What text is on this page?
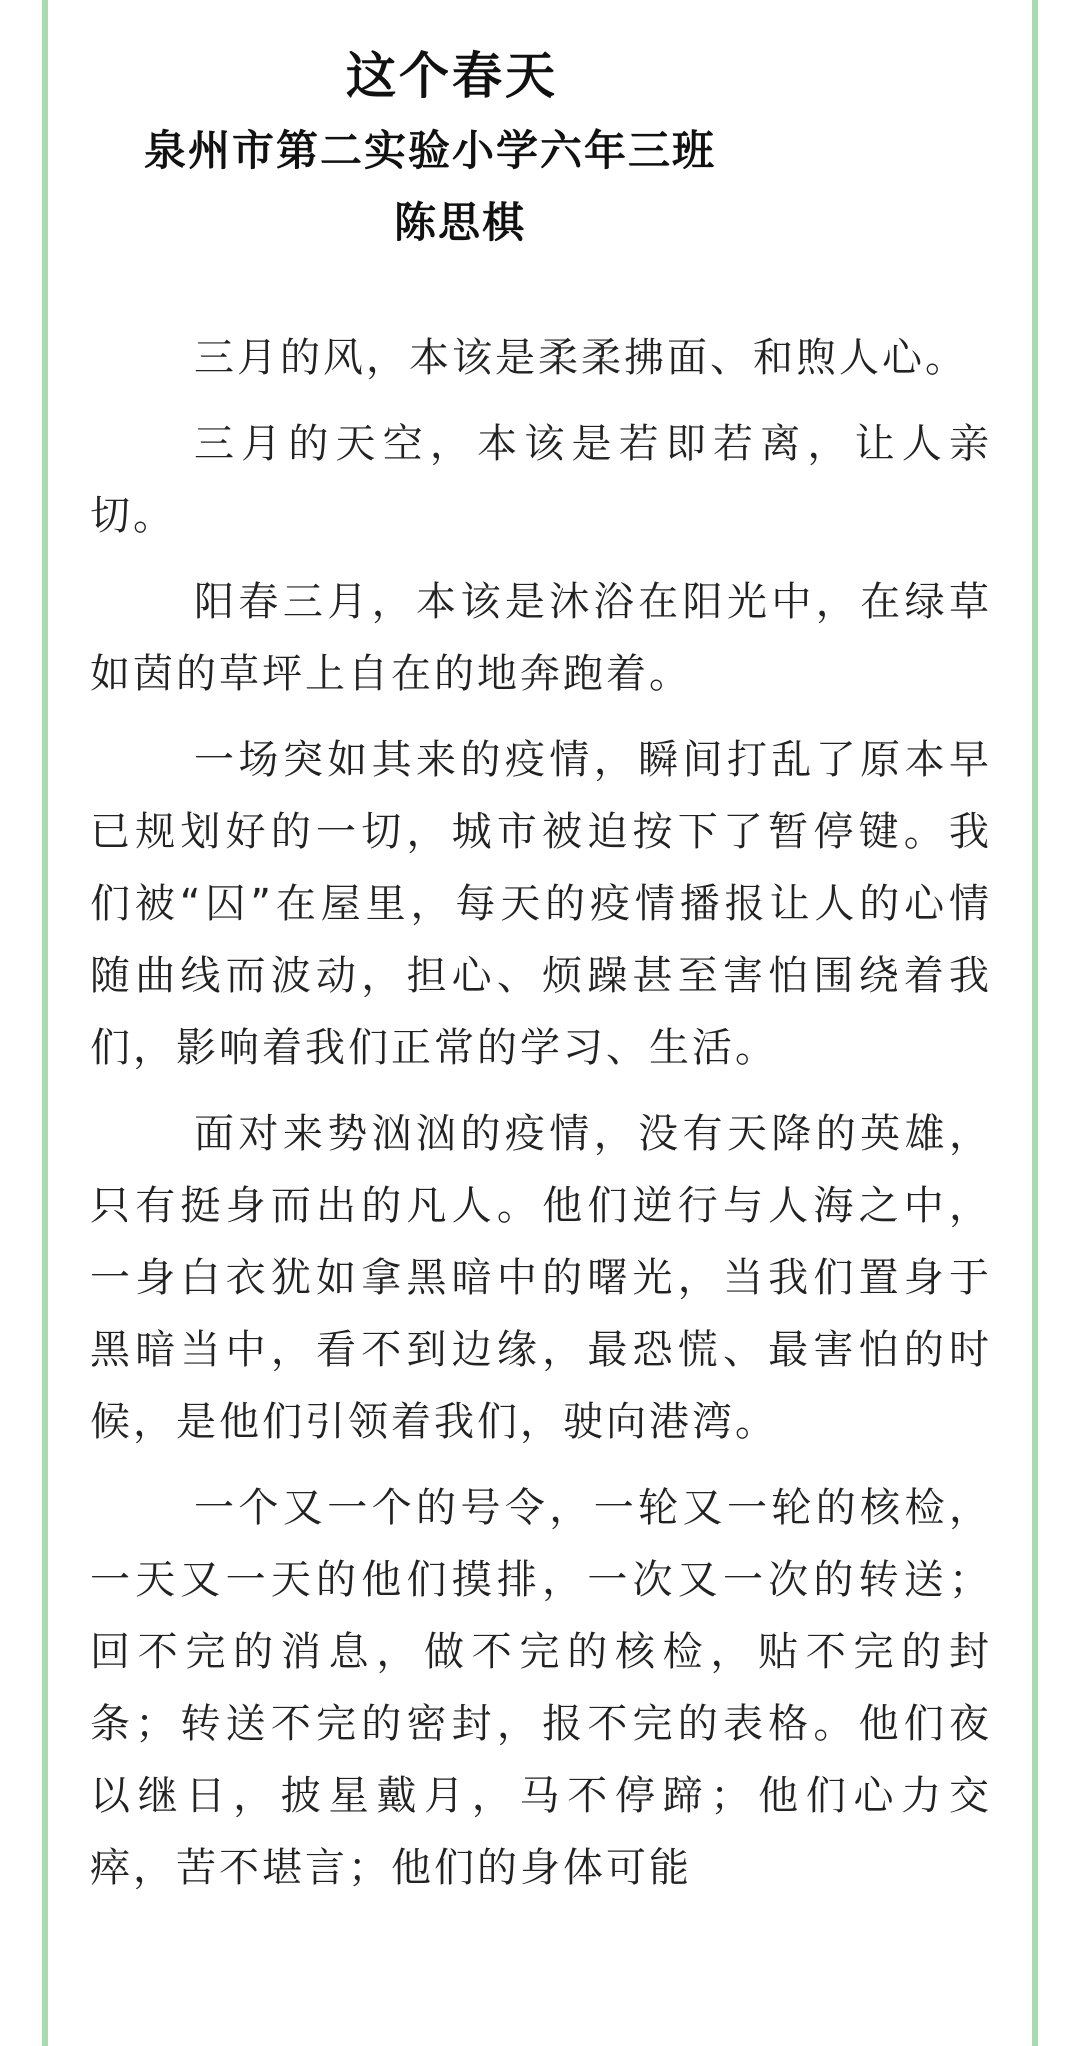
这个春天
泉州市第二实验小学六年三班
陈思棋

三月的风，本该是柔柔拂面、和煦人心。

三月的天空，本该是若即若离，让人亲切。

阳春三月，本该是沐浴在阳光中，在绿草如茵的草坪上自在的地奔跑着。

一场突如其来的疫情，瞬间打乱了原本早已规划好的一切，城市被迫按下了暂停键。我们被“囚”在屋里，每天的疫情播报让人的心情随曲线而波动，担心、烦躁甚至害怕围绕着我们，影响着我们正常的学习、生活。

面对来势汹汹的疫情，没有天降的英雄，只有挺身而出的凡人。他们逆行与人海之中，一身白衣犹如拿黑暗中的曙光，当我们置身于黑暗当中，看不到边缘，最恐慌、最害怕的时候，是他们引领着我们，驶向港湾。

一个又一个的号令，一轮又一轮的核检，一天又一天的他们摸排，一次又一次的转送；回不完的消息，做不完的核检，贴不完的封条；转送不完的密封，报不完的表格。他们夜以继日，披星戴月，马不停蹄；他们心力交瘁，苦不堪言；他们的身体可能
